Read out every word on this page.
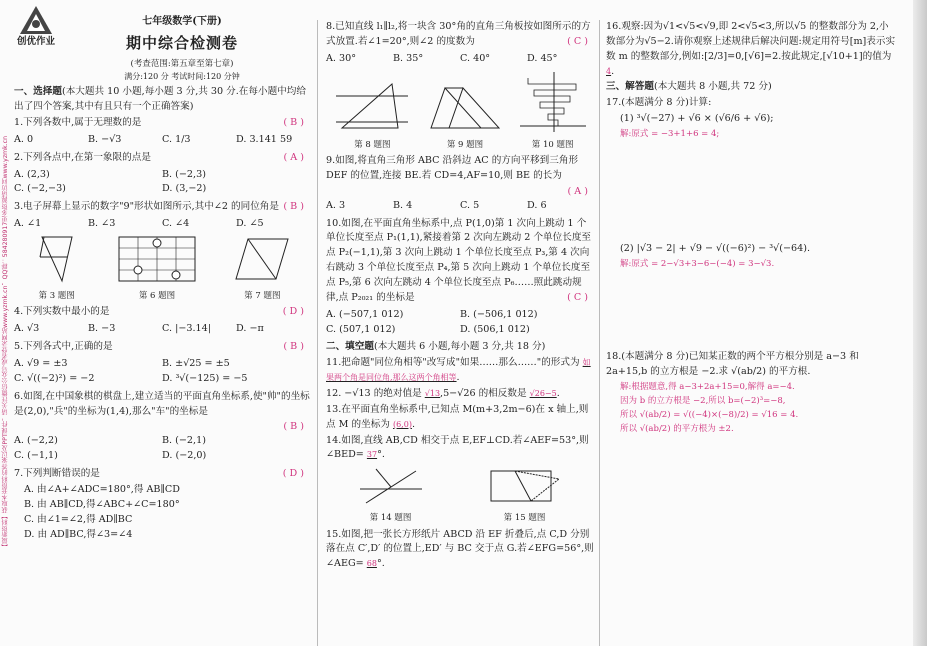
【最新资料】获取本套资料的答案以及PPT课件，请关注微信公众号或者登录网站www.yzmk.cn，QQ群：584280917更多资源请访问www.yzmk.cn
创优作业
七年级数学(下册)
期中综合检测卷
(考查范围:第五章至第七章)
满分:120 分 考试时间:120 分钟

一、选择题(本大题共 10 小题,每小题 3 分,共 30 分.在每小题中均给出了四个答案,其中有且只有一个正确答案)

1.下列各数中,属于无理数的是	( B )

A. 0	B. −√3	C. 1/3	D. 3.141 59

2.下列各点中,在第一象限的点是	( A )

A. (2,3)	B. (−2,3)
C. (−2,−3)	D. (3,−2)

3.电子屏幕上显示的数字"9"形状如图所示,其中∠2 的同位角是 ( B )

A. ∠1	B. ∠3	C. ∠4	D. ∠5
第 3 题图	第 6 题图	第 7 题图

4.下列实数中最小的是	( D )

A. √3	B. −3	C. |−3.14|	D. −π

5.下列各式中,正确的是	( B )

A. √9 = ±3	B. ±√25 = ±5
C. √((−2)²) = −2	D. ³√(−125) = −5

6.如图,在中国象棋的棋盘上,建立适当的平面直角坐标系,使"帅"的坐标是(2,0),"兵"的坐标为(1,4),那么"车"的坐标是

( B )

A. (−2,2)	B. (−2,1)
C. (−1,1)	D. (−2,0)

7.下列判断错误的是	( D )

A. 由∠A+∠ADC=180°,得 AB∥CD

B. 由 AB∥CD,得∠ABC+∠C=180°

C. 由∠1=∠2,得 AD∥BC

D. 由 AD∥BC,得∠3=∠4

8.已知直线 l₁∥l₂,将一块含 30°角的直角三角板按如图所示的方式放置.若∠1=20°,则∠2 的度数为	( C )

A. 30°	B. 35°	C. 40°	D. 45°
第 8 题图	第 9 题图	第 10 题图

9.如图,将直角三角形 ABC 沿斜边 AC 的方向平移到三角形 DEF 的位置,连接 BE.若 CD=4,AF=10,则 BE 的长为

( A )

A. 3	B. 4	C. 5	D. 6

10.如图,在平面直角坐标系中,点 P(1,0)第 1 次向上跳动 1 个单位长度至点 P₁(1,1),紧接着第 2 次向左跳动 2 个单位长度至点 P₂(−1,1),第 3 次向上跳动 1 个单位长度至点 P₃,第 4 次向右跳动 3 个单位长度至点 P₄,第 5 次向上跳动 1 个单位长度至点 P₅,第 6 次向左跳动 4 个单位长度至点 P₆……照此跳动规律,点 P₂₀₂₁ 的坐标是	( C )

A. (−507,1 012)	B. (−506,1 012)
C. (507,1 012)	D. (506,1 012)

二、填空题(本大题共 6 小题,每小题 3 分,共 18 分)

11.把命题"同位角相等"改写成"如果……那么……"的形式为 如果两个角是同位角,那么这两个角相等.

12. −√13 的绝对值是 √13,5−√26 的相反数是 √26−5.

13.在平面直角坐标系中,已知点 M(m+3,2m−6)在 x 轴上,则点 M 的坐标为 (6,0).

14.如图,直线 AB,CD 相交于点 E,EF⊥CD.若∠AEF=53°,则∠BED= 37°.

第 14 题图	第 15 题图

15.如图,把一张长方形纸片 ABCD 沿 EF 折叠后,点 C,D 分别落在点 C′,D′ 的位置上,ED′ 与 BC 交于点 G.若∠EFG=56°,则∠AEG= 68°.

16.观察:因为√1<√5<√9,即 2<√5<3,所以√5 的整数部分为 2,小数部分为√5−2.请你观察上述规律后解决问题:规定用符号[m]表示实数 m 的整数部分,例如:[2/3]=0,[√6]=2.按此规定,[√10+1]的值为 4.

三、解答题(本大题共 8 小题,共 72 分)

17.(本题满分 8 分)计算:

(1) ³√(−27) + √6 × (√6/6 + √6);

解:原式 = −3+1+6 = 4;

(2) |√3 − 2| + √9 − √((−6)²) − ³√(−64).

解:原式 = 2−√3+3−6−(−4) = 3−√3.

18.(本题满分 8 分)已知某正数的两个平方根分别是 a−3 和 2a+15,b 的立方根是 −2.求 √(ab/2) 的平方根.

解:根据题意,得 a−3+2a+15=0,解得 a=−4.

因为 b 的立方根是 −2,所以 b=(−2)³=−8,

所以 √(ab/2) = √((−4)×(−8)/2) = √16 = 4.

所以 √(ab/2) 的平方根为 ±2.
